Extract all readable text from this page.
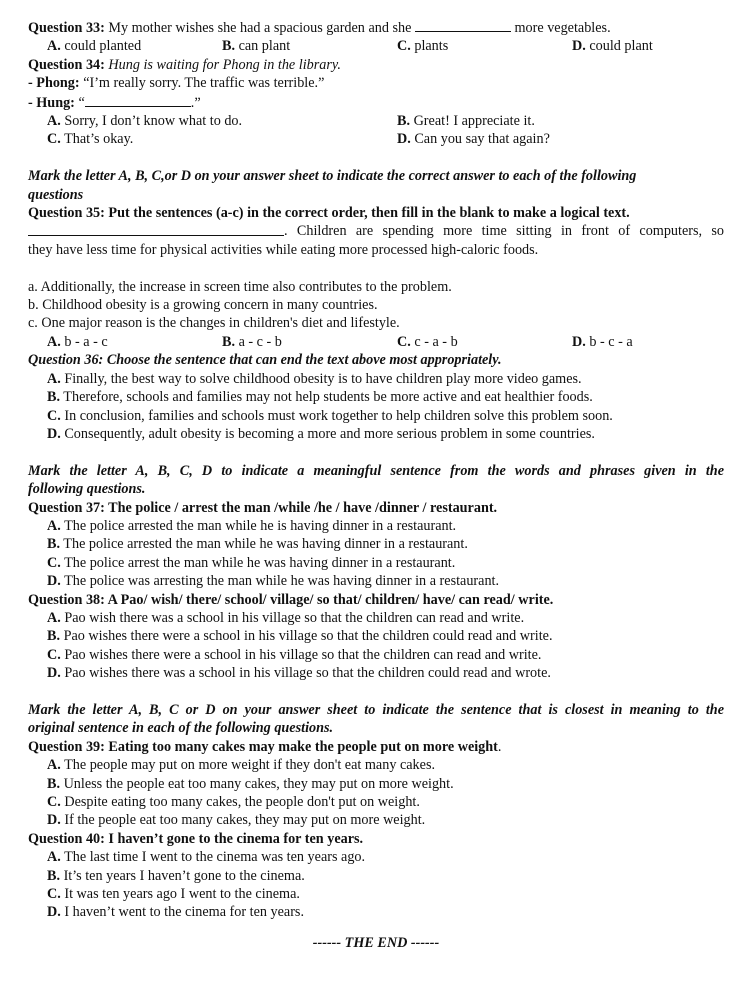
Question 33: My mother wishes she had a spacious garden and she	more vegetables.
A. could planted	B. can plant	C. plants	D. could plant
Question 34: Hung is waiting for Phong in the library.
- Phong: “I’m really sorry. The traffic was terrible.”
- Hung: “	.”
A. Sorry, I don’t know what to do.	B. Great! I appreciate it.
C. That’s okay.	D. Can you say that again?
Mark the letter A, B, C,or D on your answer sheet to indicate the correct answer to each of the following
questions
Question 35: Put the sentences (a-c) in the correct order, then fill in the blank to make a logical text.
. Children are spending more time sitting in front of computers, so
they have less time for physical activities while eating more processed high-caloric foods.
a. Additionally, the increase in screen time also contributes to the problem.
b. Childhood obesity is a growing concern in many countries.
c. One major reason is the changes in children's diet and lifestyle.
A. b - a - c	B. a - c - b	C. c - a - b	D. b - c - a
Question 36: Choose the sentence that can end the text above most appropriately.
A. Finally, the best way to solve childhood obesity is to have children play more video games.
B. Therefore, schools and families may not help students be more active and eat healthier foods.
C. In conclusion, families and schools must work together to help children solve this problem soon.
D. Consequently, adult obesity is becoming a more and more serious problem in some countries.
Mark the letter A, B, C, D to indicate a meaningful sentence from the words and phrases given in the
following questions.
Question 37: The police / arrest the man /while /he / have /dinner / restaurant.
A. The police arrested the man while he is having dinner in a restaurant.
B. The police arrested the man while he was having dinner in a restaurant.
C. The police arrest the man while he was having dinner in a restaurant.
D. The police was arresting the man while he was having dinner in a restaurant.
Question 38: A Pao/ wish/ there/ school/ village/ so that/ children/ have/ can read/ write.
A. Pao wish there was a school in his village so that the children can read and write.
B. Pao wishes there were a school in his village so that the children could read and write.
C. Pao wishes there were a school in his village so that the children can read and write.
D. Pao wishes there was a school in his village so that the children could read and wrote.
Mark the letter A, B, C or D on your answer sheet to indicate the sentence that is closest in meaning to the
original sentence in each of the following questions.
Question 39: Eating too many cakes may make the people put on more weight.
A. The people may put on more weight if they don't eat many cakes.
B. Unless the people eat too many cakes, they may put on more weight.
C. Despite eating too many cakes, the people don't put on weight.
D. If the people eat too many cakes, they may put on more weight.
Question 40: I haven’t gone to the cinema for ten years.
A. The last time I went to the cinema was ten years ago.
B. It’s ten years I haven’t gone to the cinema.
C. It was ten years ago I went to the cinema.
D. I haven’t went to the cinema for ten years.
------ THE END ------
